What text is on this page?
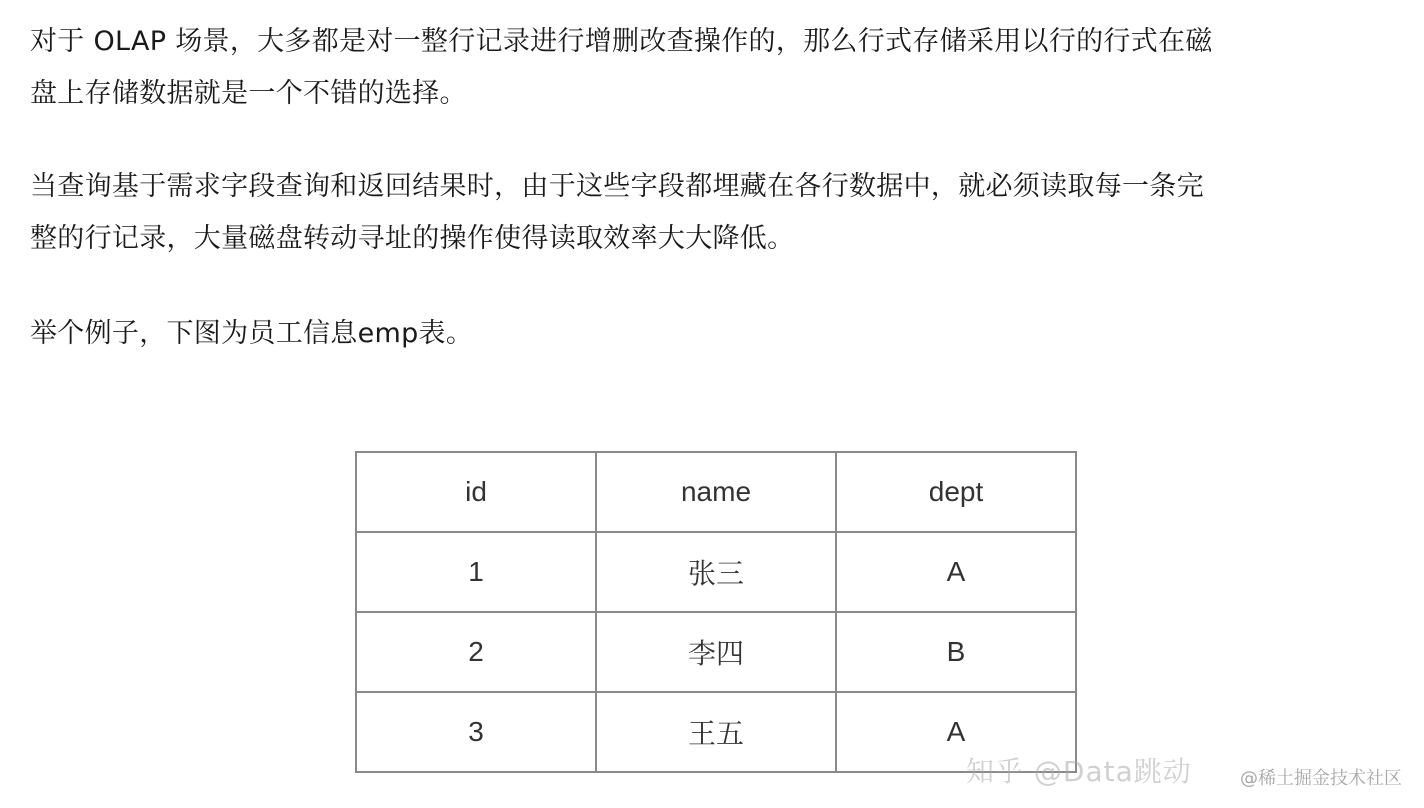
对于 OLAP 场景，大多都是对一整行记录进行增删改查操作的，那么行式存储采用以行的行式在磁
盘上存储数据就是一个不错的选择。

当查询基于需求字段查询和返回结果时，由于这些字段都埋藏在各行数据中，就必须读取每一条完
整的行记录，大量磁盘转动寻址的操作使得读取效率大大降低。

举个例子，下图为员工信息emp表。

id	name	dept
1	张三	A
2	李四	B
3	王五	A
知乎 @Data跳动	@稀土掘金技术社区
